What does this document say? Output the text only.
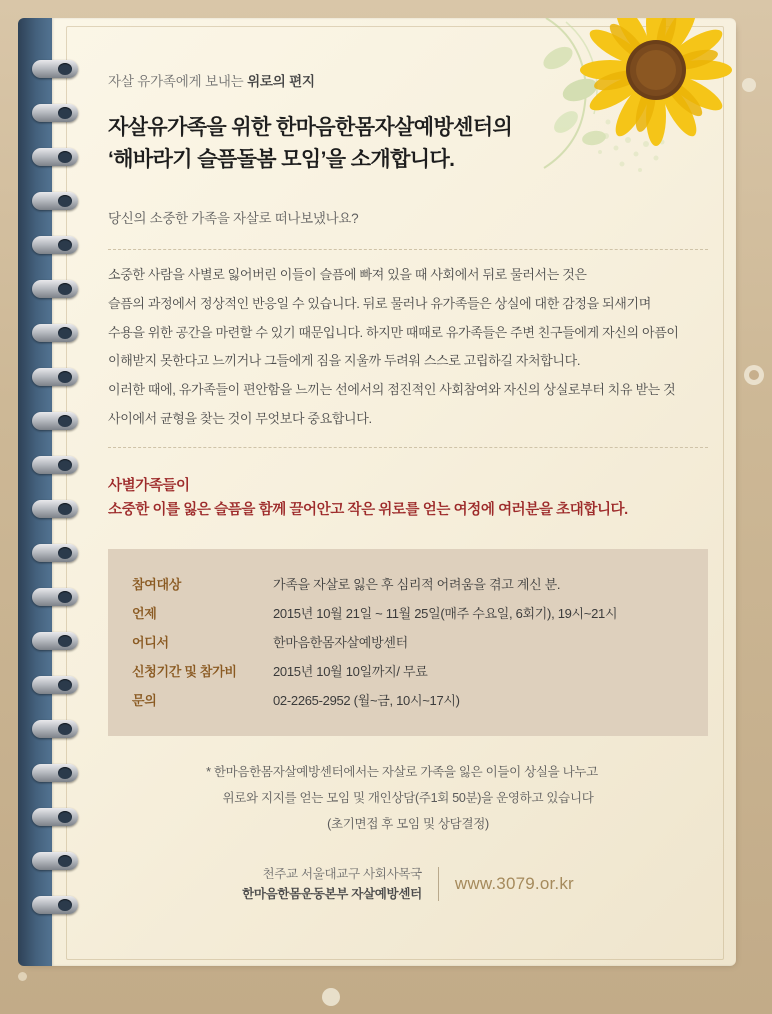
자살 유가족에게 보내는 위로의 편지
자살유가족을 위한 한마음한몸자살예방센터의
‘해바라기 슬픔돌봄 모임’을 소개합니다.
당신의 소중한 가족을 자살로 떠나보냈나요?

소중한 사람을 사별로 잃어버린 이들이 슬픔에 빠져 있을 때 사회에서 뒤로 물러서는 것은

슬픔의 과정에서 정상적인 반응일 수 있습니다. 뒤로 물러나 유가족들은 상실에 대한 감정을 되새기며

수용을 위한 공간을 마련할 수 있기 때문입니다. 하지만 때때로 유가족들은 주변 친구들에게 자신의 아픔이

이해받지 못한다고 느끼거나 그들에게 짐을 지울까 두려워 스스로 고립하길 자처합니다.

이러한 때에, 유가족들이 편안함을 느끼는 선에서의 점진적인 사회참여와 자신의 상실로부터 치유 받는 것

사이에서 균형을 찾는 것이 무엇보다 중요합니다.

사별가족들이
소중한 이를 잃은 슬픔을 함께 끌어안고 작은 위로를 얻는 여정에 여러분을 초대합니다.
참여대상	가족을 자살로 잃은 후 심리적 어려움을 겪고 계신 분.
언제	2015년 10월 21일 ~ 11월 25일(매주 수요일, 6회기), 19시~21시
어디서	한마음한몸자살예방센터
신청기간 및 참가비	2015년 10월 10일까지/ 무료
문의	02-2265-2952 (월~금, 10시~17시)

* 한마음한몸자살예방센터에서는 자살로 가족을 잃은 이들이 상실을 나누고

위로와 지지를 얻는 모임 및 개인상담(주1회 50분)을 운영하고 있습니다

(초기면접 후 모임 및 상담결정)

천주교 서울대교구 사회사목국
한마음한몸운동본부 자살예방센터
www.3079.or.kr
